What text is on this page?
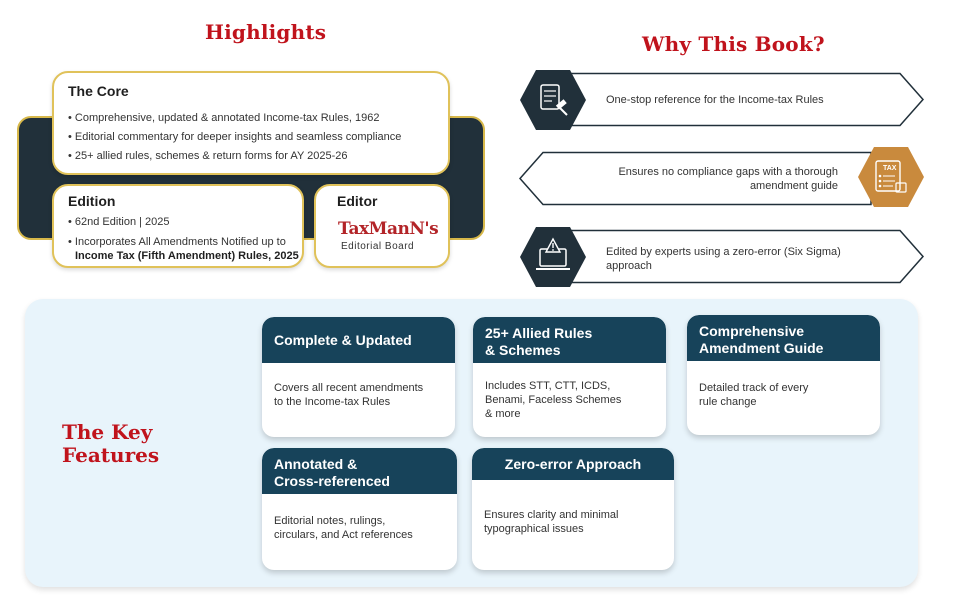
Highlights
The Core
• Comprehensive, updated & annotated Income-tax Rules, 1962
• Editorial commentary for deeper insights and seamless compliance
• 25+ allied rules, schemes & return forms for AY 2025-26
Edition
• 62nd Edition | 2025
• Incorporates All Amendments Notified up to
Income Tax (Fifth Amendment) Rules, 2025
Editor
TaxManN's
Editorial Board
Why This Book?
One-stop reference for the Income-tax Rules
TAX
Ensures no compliance gaps with a thorough
amendment guide
Edited by experts using a zero-error (Six Sigma)
approach
The Key
Features
Complete & Updated
Covers all recent amendments
to the Income-tax Rules
25+ Allied Rules
& Schemes
Includes STT, CTT, ICDS,
Benami, Faceless Schemes
& more
Comprehensive
Amendment Guide
Detailed track of every
rule change
Annotated &
Cross-referenced
Editorial notes, rulings,
circulars, and Act references
Zero-error Approach
Ensures clarity and minimal
typographical issues
